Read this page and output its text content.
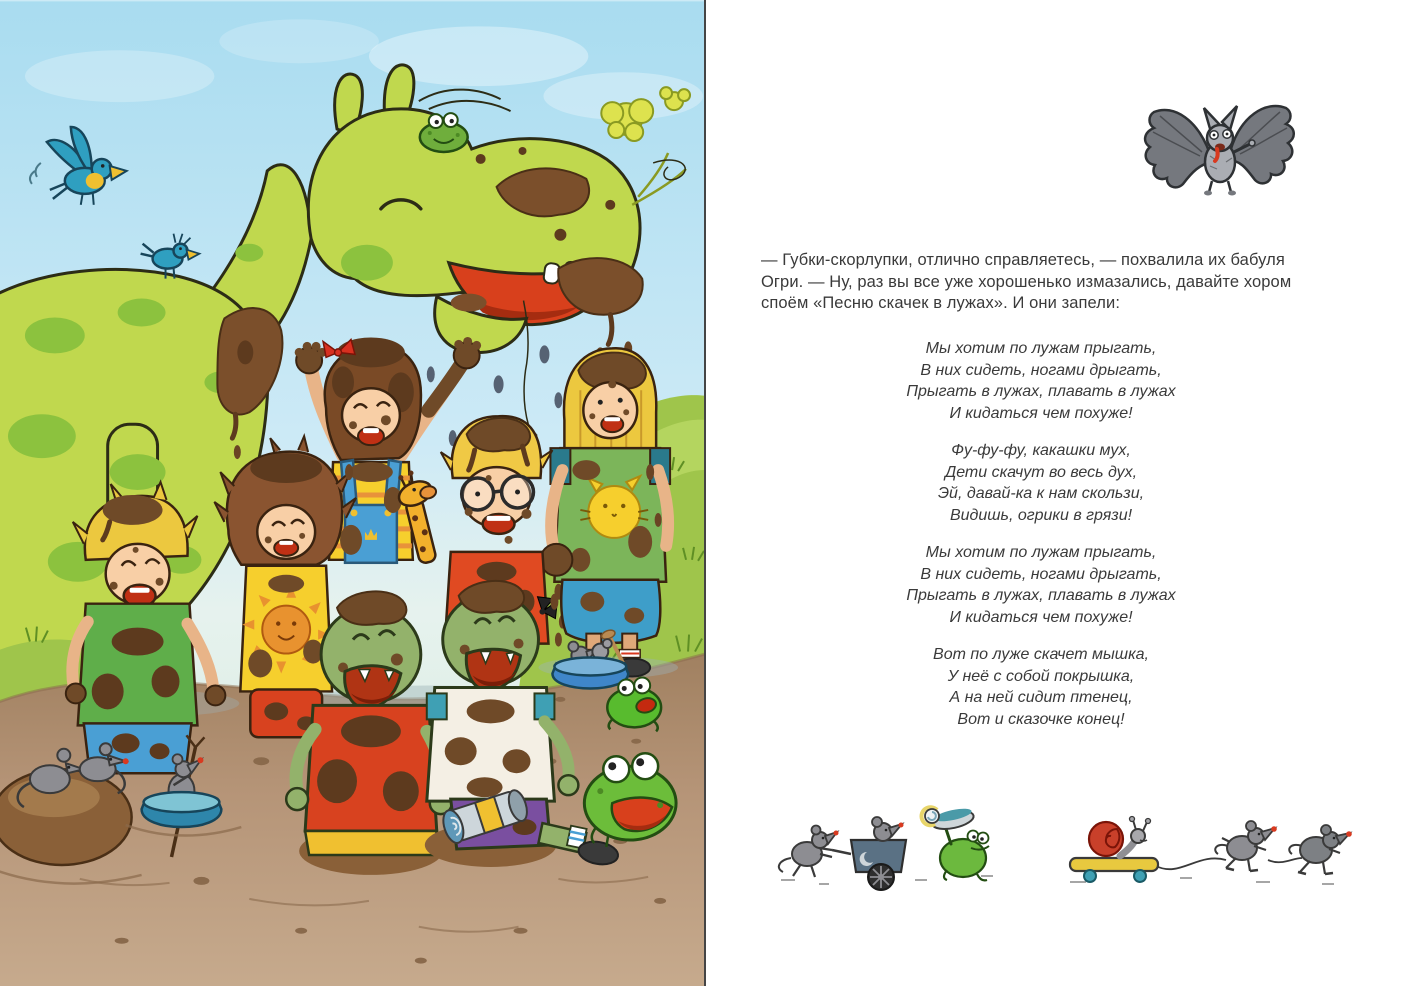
— Губки-скорлупки, отлично справляетесь, — похвалила их бабуля
Огри. — Ну, раз вы все уже хорошенько измазались, давайте хором
споём «Песню скачек в лужах». И они запели:
Мы хотим по лужам прыгать,
В них сидеть, ногами дрыгать,
Прыгать в лужах, плавать в лужах
И кидаться чем похуже!
Фу-фу-фу, какашки мух,
Дети скачут во весь дух,
Эй, давай-ка к нам скользи,
Видишь, огрики в грязи!
Мы хотим по лужам прыгать,
В них сидеть, ногами дрыгать,
Прыгать в лужах, плавать в лужах
И кидаться чем похуже!
Вот по луже скачет мышка,
У неё с собой покрышка,
А на ней сидит птенец,
Вот и сказочке конец!
